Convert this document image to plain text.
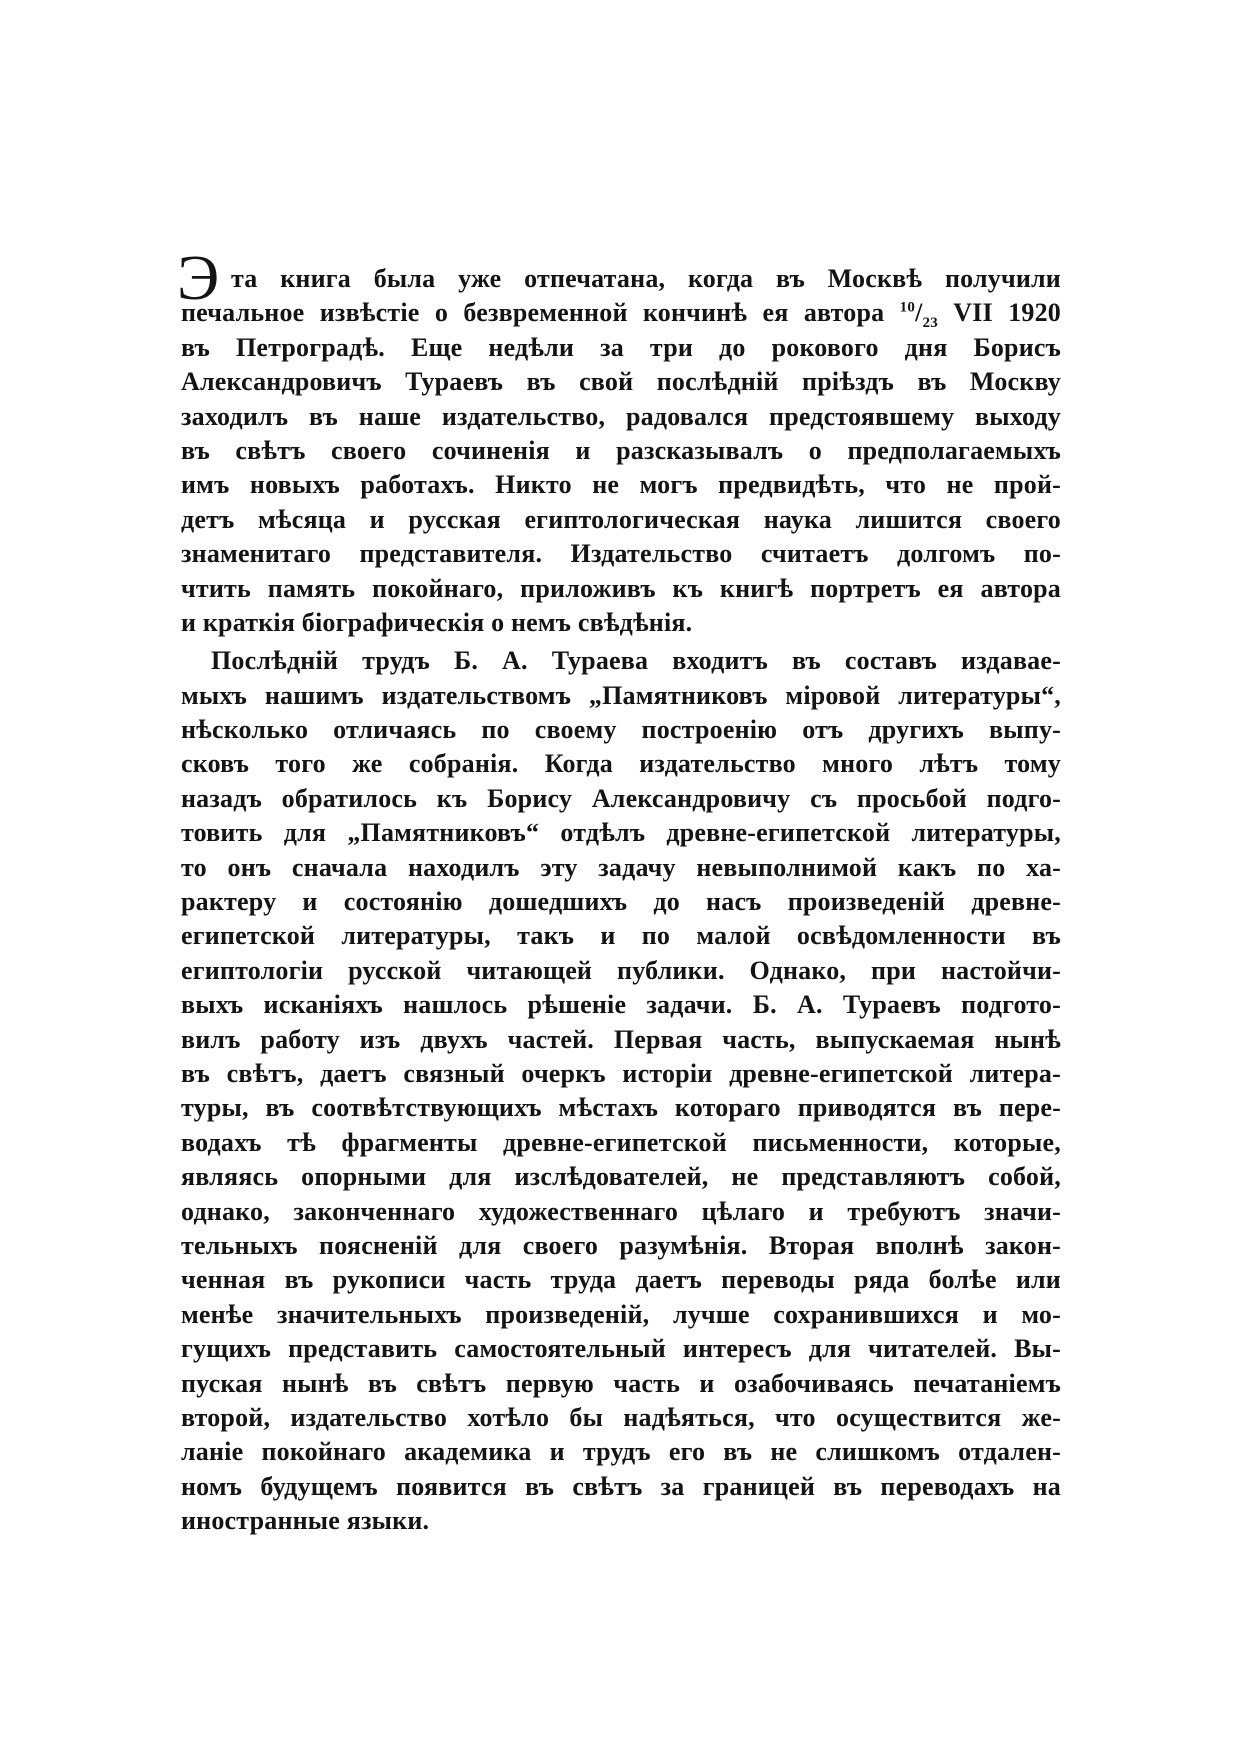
Э та книга была уже отпечатана, когда въ Москвѣ получили
печальное извѣстіе о безвременной кончинѣ ея автора $^{10}/_{23}$ VII 1920
въ Петроградѣ. Еще недѣли за три до рокового дня Борисъ
Александровичъ Тураевъ въ свой послѣдній пріѣздъ въ Москву
заходилъ въ наше издательство, радовался предстоявшему выходу
въ свѣтъ своего сочиненія и разсказывалъ о предполагаемыхъ
имъ новыхъ работахъ. Никто не могъ предвидѣть, что не прой-
детъ мѣсяца и русская египтологическая наука лишится своего
знаменитаго представителя. Издательство считаетъ долгомъ по-
чтить память покойнаго, приложивъ къ книгѣ портретъ ея автора
и краткія біографическія о немъ свѣдѣнія.
Послѣдній трудъ Б. А. Тураева входитъ въ составъ издавае-
мыхъ нашимъ издательствомъ „Памятниковъ міровой литературы“,
нѣсколько отличаясь по своему построенію отъ другихъ выпу-
сковъ того же собранія. Когда издательство много лѣтъ тому
назадъ обратилось къ Борису Александровичу съ просьбой подго-
товить для „Памятниковъ“ отдѣлъ древне-египетской литературы,
то онъ сначала находилъ эту задачу невыполнимой какъ по ха-
рактеру и состоянію дошедшихъ до насъ произведеній древне-
египетской литературы, такъ и по малой освѣдомленности въ
египтологіи русской читающей публики. Однако, при настойчи-
выхъ исканіяхъ нашлось рѣшеніе задачи. Б. А. Тураевъ подгото-
вилъ работу изъ двухъ частей. Первая часть, выпускаемая нынѣ
въ свѣтъ, даетъ связный очеркъ исторіи древне-египетской литера-
туры, въ соотвѣтствующихъ мѣстахъ котораго приводятся въ пере-
водахъ тѣ фрагменты древне-египетской письменности, которые,
являясь опорными для изслѣдователей, не представляютъ собой,
однако, законченнаго художественнаго цѣлаго и требуютъ значи-
тельныхъ поясненій для своего разумѣнія. Вторая вполнѣ закон-
ченная въ рукописи часть труда даетъ переводы ряда болѣе или
менѣе значительныхъ произведеній, лучше сохранившихся и мо-
гущихъ представить самостоятельный интересъ для читателей. Вы-
пуская нынѣ въ свѣтъ первую часть и озабочиваясь печатаніемъ
второй, издательство хотѣло бы надѣяться, что осуществится же-
ланіе покойнаго академика и трудъ его въ не слишкомъ отдален-
номъ будущемъ появится въ свѣтъ за границей въ переводахъ на
иностранные языки.
